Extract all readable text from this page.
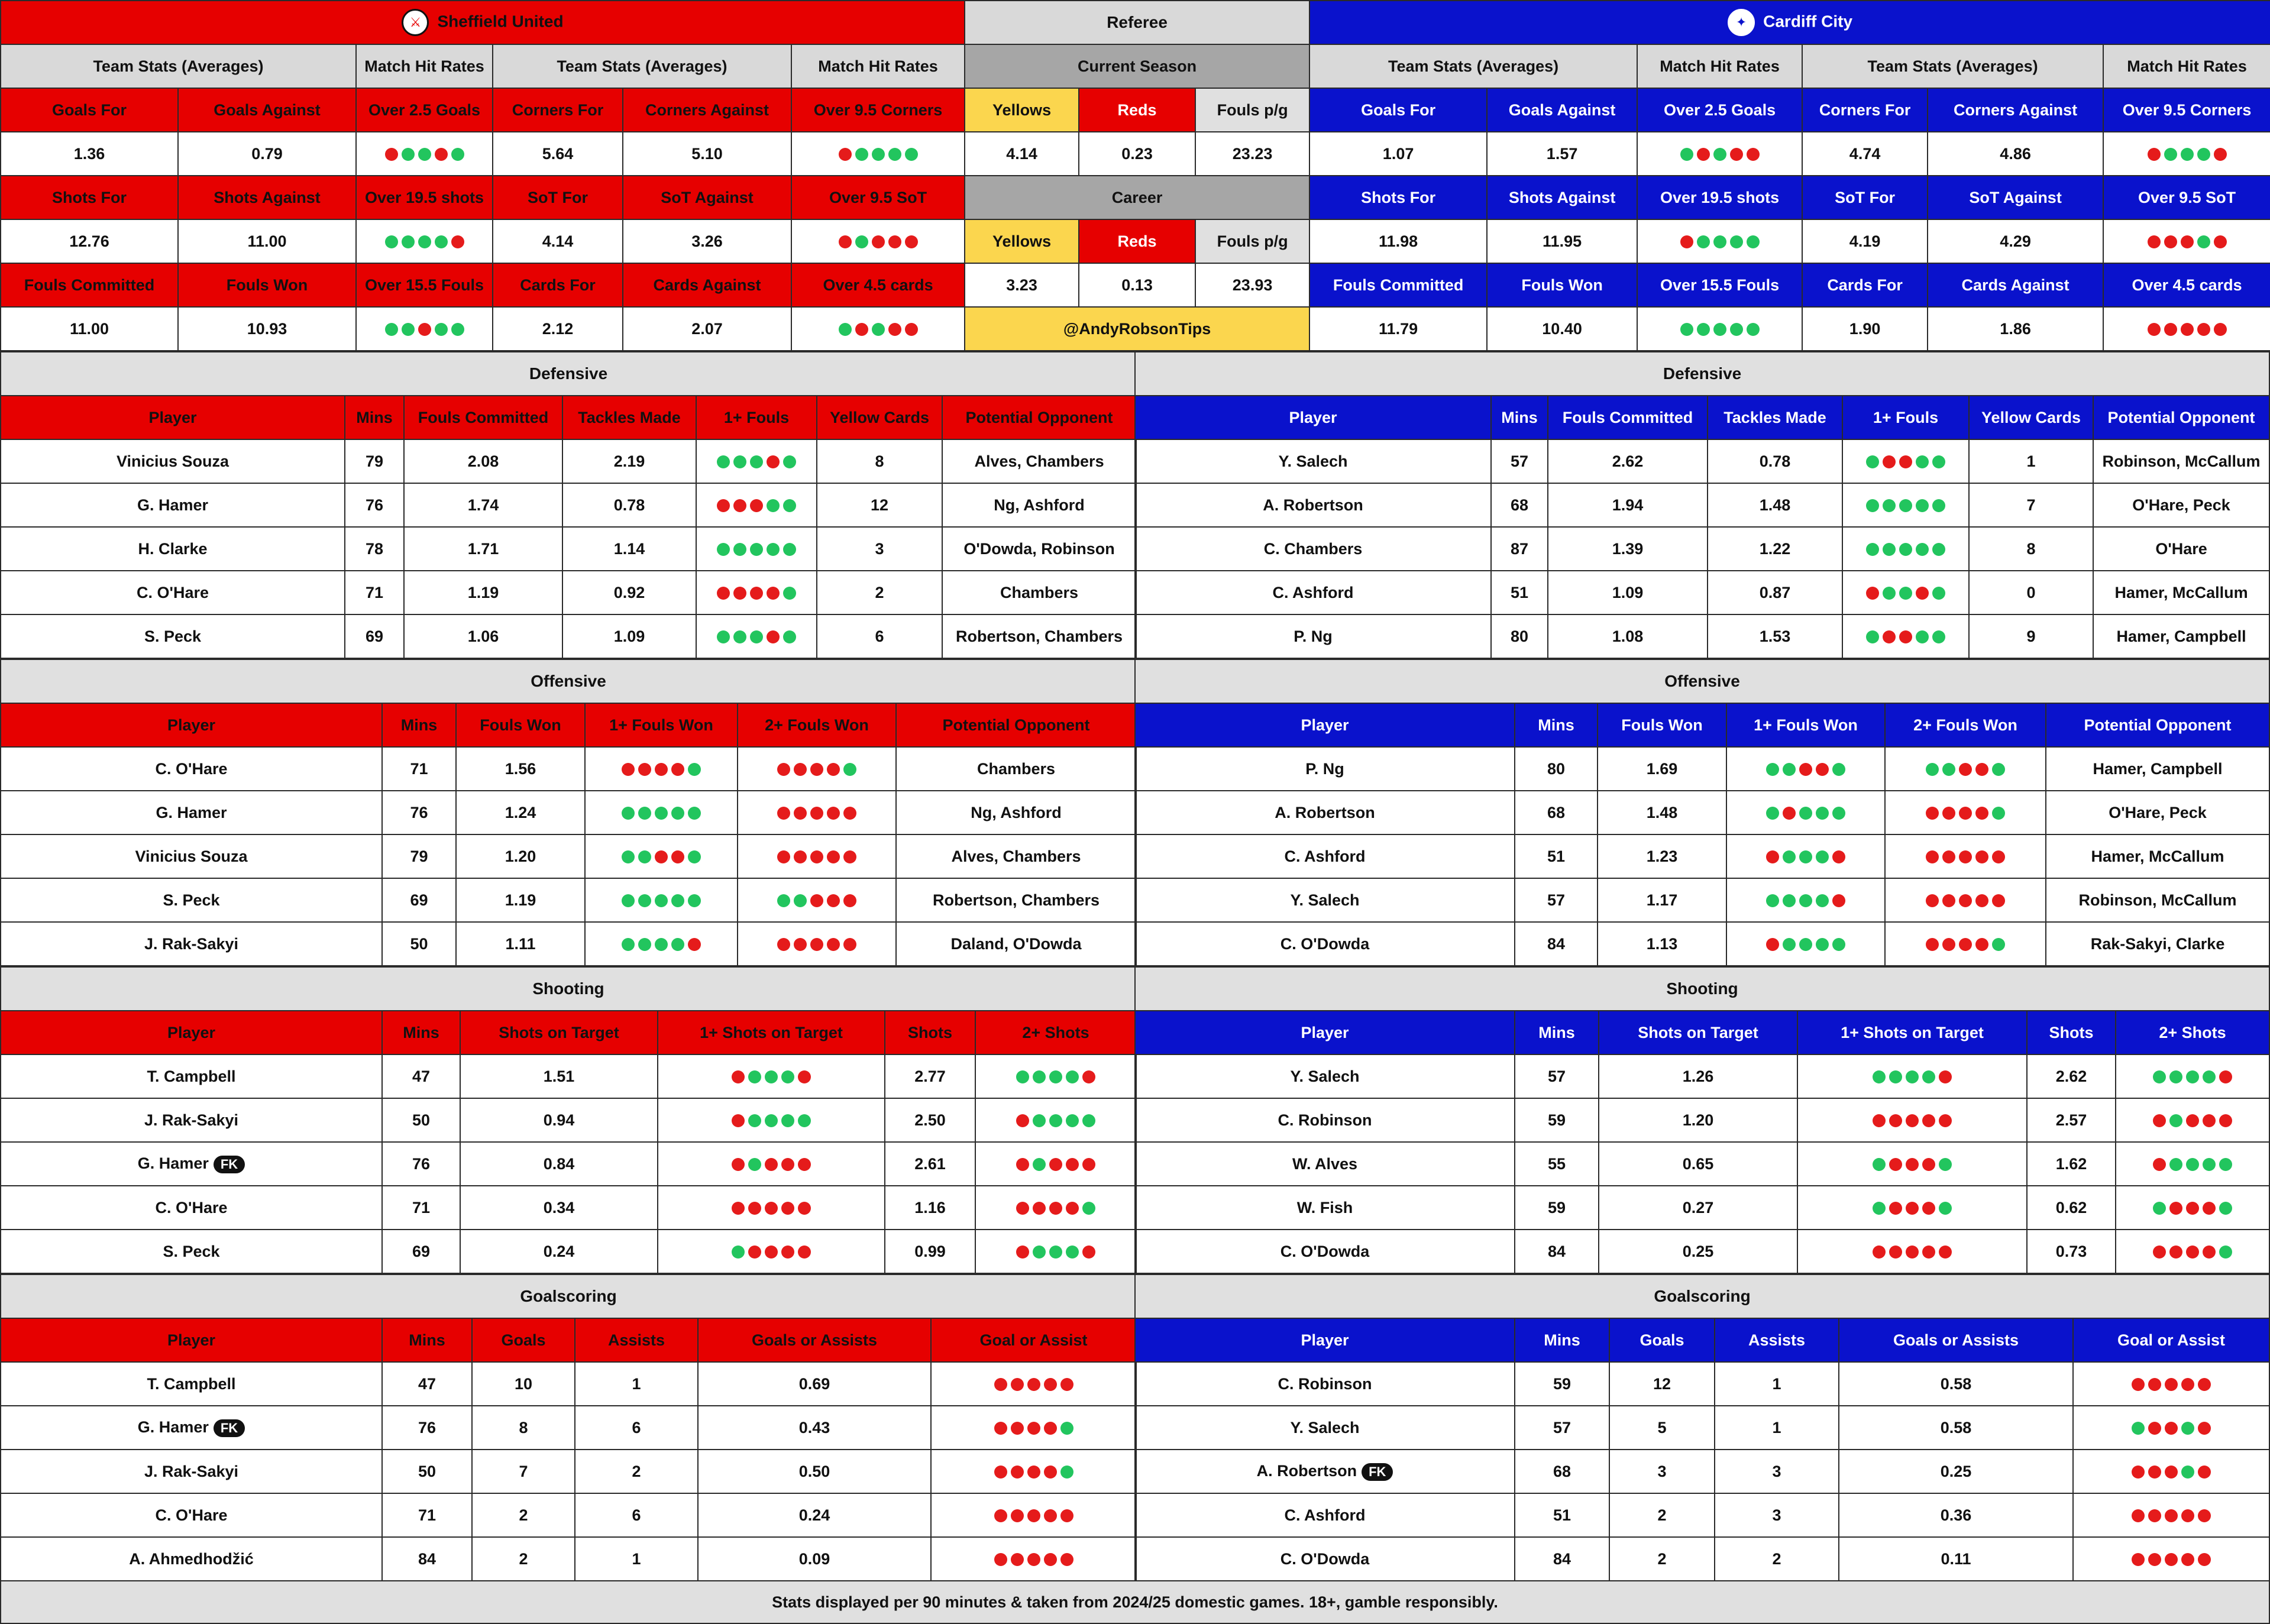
⚔ Sheffield United						Referee			✦ Cardiff City					
Team Stats (Averages)		Match Hit Rates	Team Stats (Averages)		Match Hit Rates	Current Season			Team Stats (Averages)		Match Hit Rates	Team Stats (Averages)		Match Hit Rates
Goals For	Goals Against	Over 2.5 Goals	Corners For	Corners Against	Over 9.5 Corners	Yellows	Reds	Fouls p/g	Goals For	Goals Against	Over 2.5 Goals	Corners For	Corners Against	Over 9.5 Corners
1.36	0.79		5.64	5.10		4.14	0.23	23.23	1.07	1.57		4.74	4.86	
Shots For	Shots Against	Over 19.5 shots	SoT For	SoT Against	Over 9.5 SoT	Career			Shots For	Shots Against	Over 19.5 shots	SoT For	SoT Against	Over 9.5 SoT
12.76	11.00		4.14	3.26		Yellows	Reds	Fouls p/g	11.98	11.95		4.19	4.29	
Fouls Committed	Fouls Won	Over 15.5 Fouls	Cards For	Cards Against	Over 4.5 cards	3.23	0.13	23.93	Fouls Committed	Fouls Won	Over 15.5 Fouls	Cards For	Cards Against	Over 4.5 cards
11.00	10.93		2.12	2.07		@AndyRobsonTips			11.79	10.40		1.90	1.86	
Defensive						
Player	Mins	Fouls Committed	Tackles Made	1+ Fouls	Yellow Cards	Potential Opponent
Vinicius Souza	79	2.08	2.19		8	Alves, Chambers
G. Hamer	76	1.74	0.78		12	Ng, Ashford
H. Clarke	78	1.71	1.14		3	O'Dowda, Robinson
C. O'Hare	71	1.19	0.92		2	Chambers
S. Peck	69	1.06	1.09		6	Robertson, Chambers
Defensive						
Player	Mins	Fouls Committed	Tackles Made	1+ Fouls	Yellow Cards	Potential Opponent
Y. Salech	57	2.62	0.78		1	Robinson, McCallum
A. Robertson	68	1.94	1.48		7	O'Hare, Peck
C. Chambers	87	1.39	1.22		8	O'Hare
C. Ashford	51	1.09	0.87		0	Hamer, McCallum
P. Ng	80	1.08	1.53		9	Hamer, Campbell
Offensive					
Player	Mins	Fouls Won	1+ Fouls Won	2+ Fouls Won	Potential Opponent
C. O'Hare	71	1.56			Chambers
G. Hamer	76	1.24			Ng, Ashford
Vinicius Souza	79	1.20			Alves, Chambers
S. Peck	69	1.19			Robertson, Chambers
J. Rak-Sakyi	50	1.11			Daland, O'Dowda
Offensive					
Player	Mins	Fouls Won	1+ Fouls Won	2+ Fouls Won	Potential Opponent
P. Ng	80	1.69			Hamer, Campbell
A. Robertson	68	1.48			O'Hare, Peck
C. Ashford	51	1.23			Hamer, McCallum
Y. Salech	57	1.17			Robinson, McCallum
C. O'Dowda	84	1.13			Rak-Sakyi, Clarke
Shooting					
Player	Mins	Shots on Target	1+ Shots on Target	Shots	2+ Shots
T. Campbell	47	1.51		2.77	
J. Rak-Sakyi	50	0.94		2.50	
G. Hamer FK	76	0.84		2.61	
C. O'Hare	71	0.34		1.16	
S. Peck	69	0.24		0.99	
Shooting					
Player	Mins	Shots on Target	1+ Shots on Target	Shots	2+ Shots
Y. Salech	57	1.26		2.62	
C. Robinson	59	1.20		2.57	
W. Alves	55	0.65		1.62	
W. Fish	59	0.27		0.62	
C. O'Dowda	84	0.25		0.73	
Goalscoring					
Player	Mins	Goals	Assists	Goals or Assists	Goal or Assist
T. Campbell	47	10	1	0.69	
G. Hamer FK	76	8	6	0.43	
J. Rak-Sakyi	50	7	2	0.50	
C. O'Hare	71	2	6	0.24	
A. Ahmedhodžić	84	2	1	0.09	
Goalscoring					
Player	Mins	Goals	Assists	Goals or Assists	Goal or Assist
C. Robinson	59	12	1	0.58	
Y. Salech	57	5	1	0.58	
A. Robertson FK	68	3	3	0.25	
C. Ashford	51	2	3	0.36	
C. O'Dowda	84	2	2	0.11	
Stats displayed per 90 minutes & taken from 2024/25 domestic games. 18+, gamble responsibly.
